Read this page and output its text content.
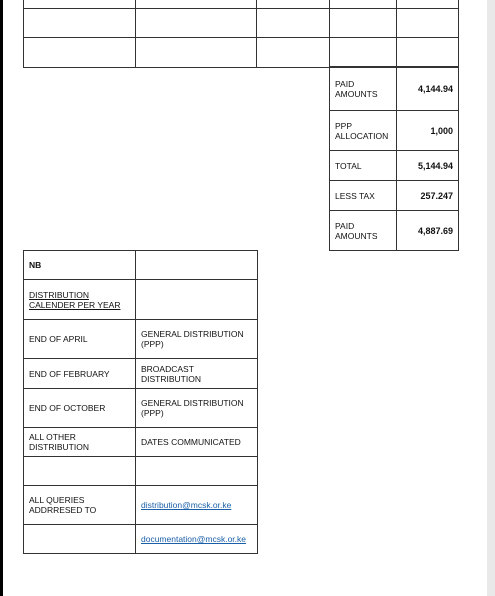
PAID AMOUNTS	4,144.94
PPP ALLOCATION	1,000
TOTAL	5,144.94
LESS TAX	257.247
PAID AMOUNTS	4,887.69
NB	
DISTRIBUTION CALENDER PER YEAR	
END OF APRIL	GENERAL DISTRIBUTION (PPP)
END OF FEBRUARY	BROADCAST DISTRIBUTION
END OF OCTOBER	GENERAL DISTRIBUTION (PPP)
ALL OTHER DISTRIBUTION	DATES COMMUNICATED

ALL QUERIES ADDRRESED TO	distribution@mcsk.or.ke
	documentation@mcsk.or.ke
